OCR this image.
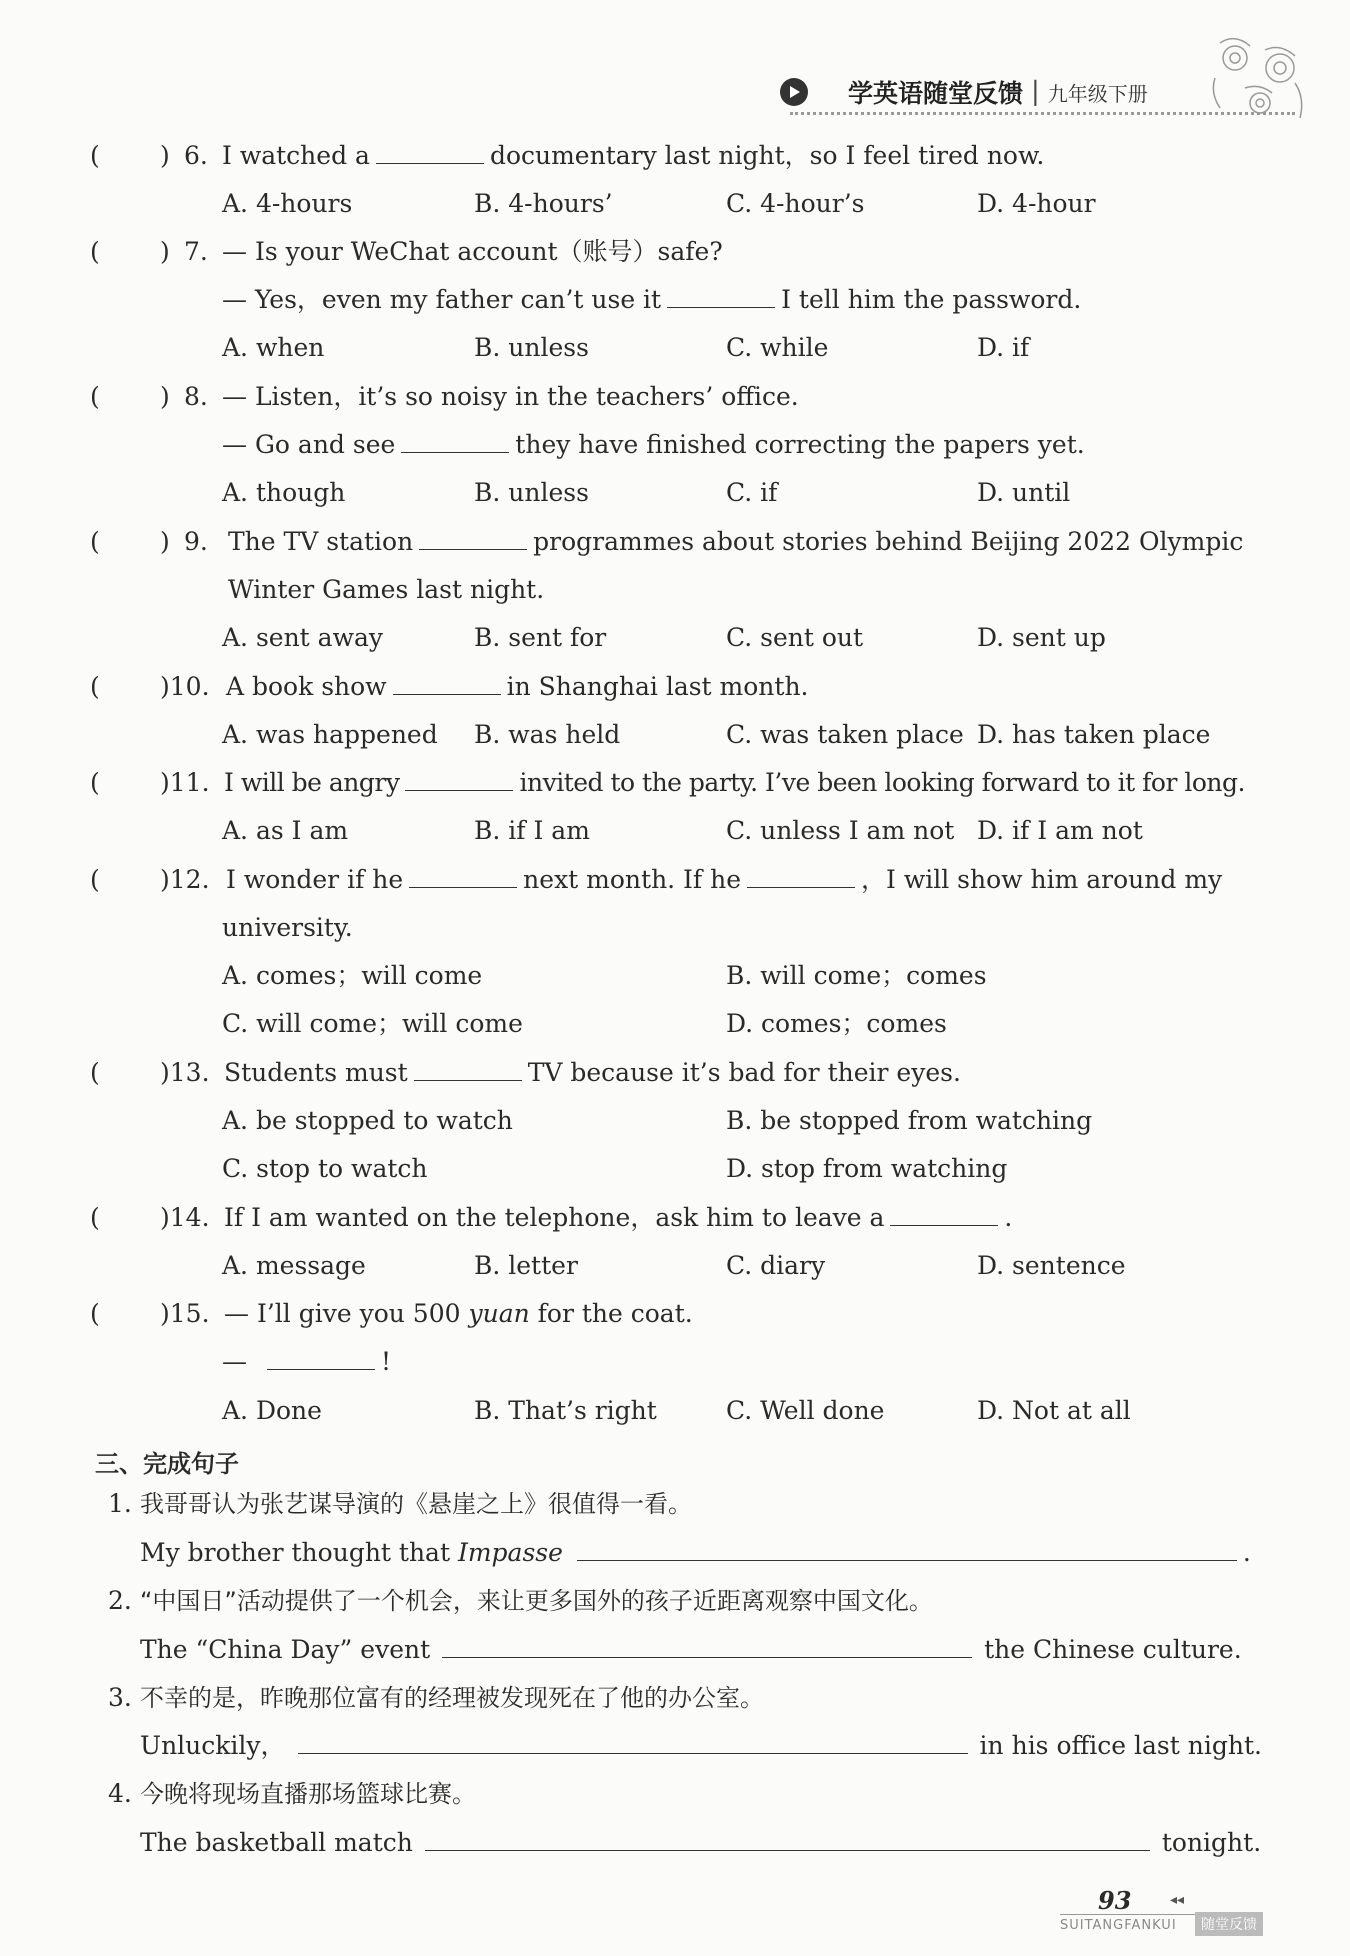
学英语随堂反馈 | 九年级下册
( ) 6. I watched a	documentary last night，so I feel tired now.
A. 4-hours	B. 4-hours’	C. 4-hour’s	D. 4-hour
( ) 7. — Is your WeChat account（账号）safe?
— Yes，even my father can’t use it	I tell him the password.
A. when	B. unless	C. while	D. if
( ) 8. — Listen，it’s so noisy in the teachers’ office.
— Go and see	they have finished correcting the papers yet.
A. though	B. unless	C. if	D. until
( ) 9. The TV station	programmes about stories behind Beijing 2022 Olympic
Winter Games last night.
A. sent away	B. sent for	C. sent out	D. sent up
( )10. A book show	in Shanghai last month.
A. was happened B. was held	C. was taken place D. has taken place
( )11. I will be angry	invited to the party. I’ve been looking forward to it for long.
A. as I am	B. if I am	C. unless I am not D. if I am not
( )12. I wonder if he	next month. If he	，I will show him around my
university.
A. comes；will come	B. will come；comes
C. will come；will come	D. comes；comes
( )13. Students must	TV because it’s bad for their eyes.
A. be stopped to watch	B. be stopped from watching
C. stop to watch	D. stop from watching
( )14. If I am wanted on the telephone，ask him to leave a	.
A. message	B. letter	C. diary	D. sentence
( )15. — I’ll give you 500 yuan for the coat.
—	!
A. Done	B. That’s right	C. Well done	D. Not at all
三、完成句子
1. 我哥哥认为张艺谋导演的《悬崖之上》很值得一看。
My brother thought that Impasse	.
2. “中国日”活动提供了一个机会，来让更多国外的孩子近距离观察中国文化。
The “China Day” event	the Chinese culture.
3. 不幸的是，昨晚那位富有的经理被发现死在了他的办公室。
Unluckily，	in his office last night.
4. 今晚将现场直播那场篮球比赛。
The basketball match	tonight.
93	◂◂
SUITANGFANKUI	随堂反馈
